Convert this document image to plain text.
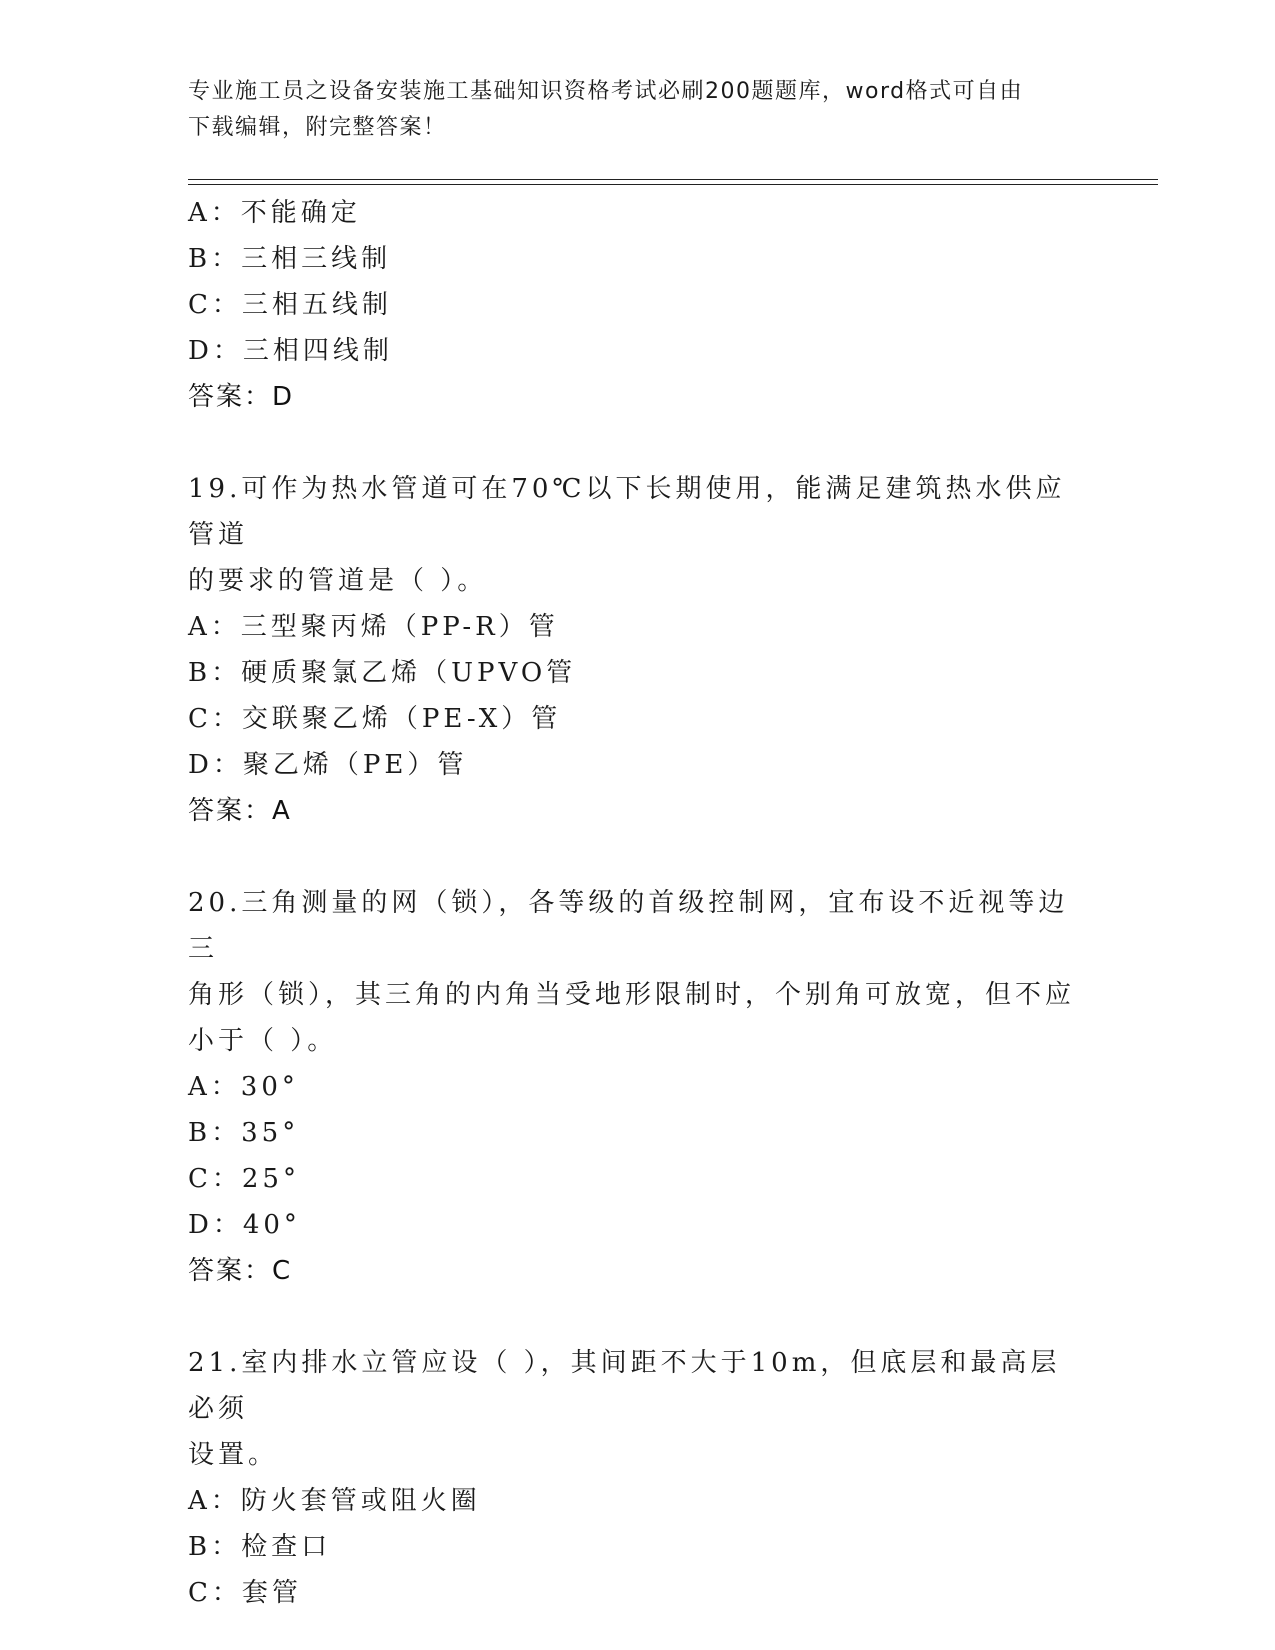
专业施工员之设备安装施工基础知识资格考试必刷200题题库，word格式可自由
下载编辑，附完整答案！
A：不能确定
B：三相三线制
C：三相五线制
D：三相四线制
答案：D
19.可作为热水管道可在70℃以下长期使用，能满足建筑热水供应管道
的要求的管道是（ ）。
A：三型聚丙烯（PP-R）管
B：硬质聚氯乙烯（UPVO管
C：交联聚乙烯（PE-X）管
D：聚乙烯（PE）管
答案：A
20.三角测量的网（锁），各等级的首级控制网，宜布设不近视等边三
角形（锁），其三角的内角当受地形限制时，个别角可放宽，但不应
小于（ ）。
A：30°
B：35°
C：25°
D：40°
答案：C
21.室内排水立管应设（ ），其间距不大于10m，但底层和最高层必须
设置。
A：防火套管或阻火圈
B：检查口
C：套管
